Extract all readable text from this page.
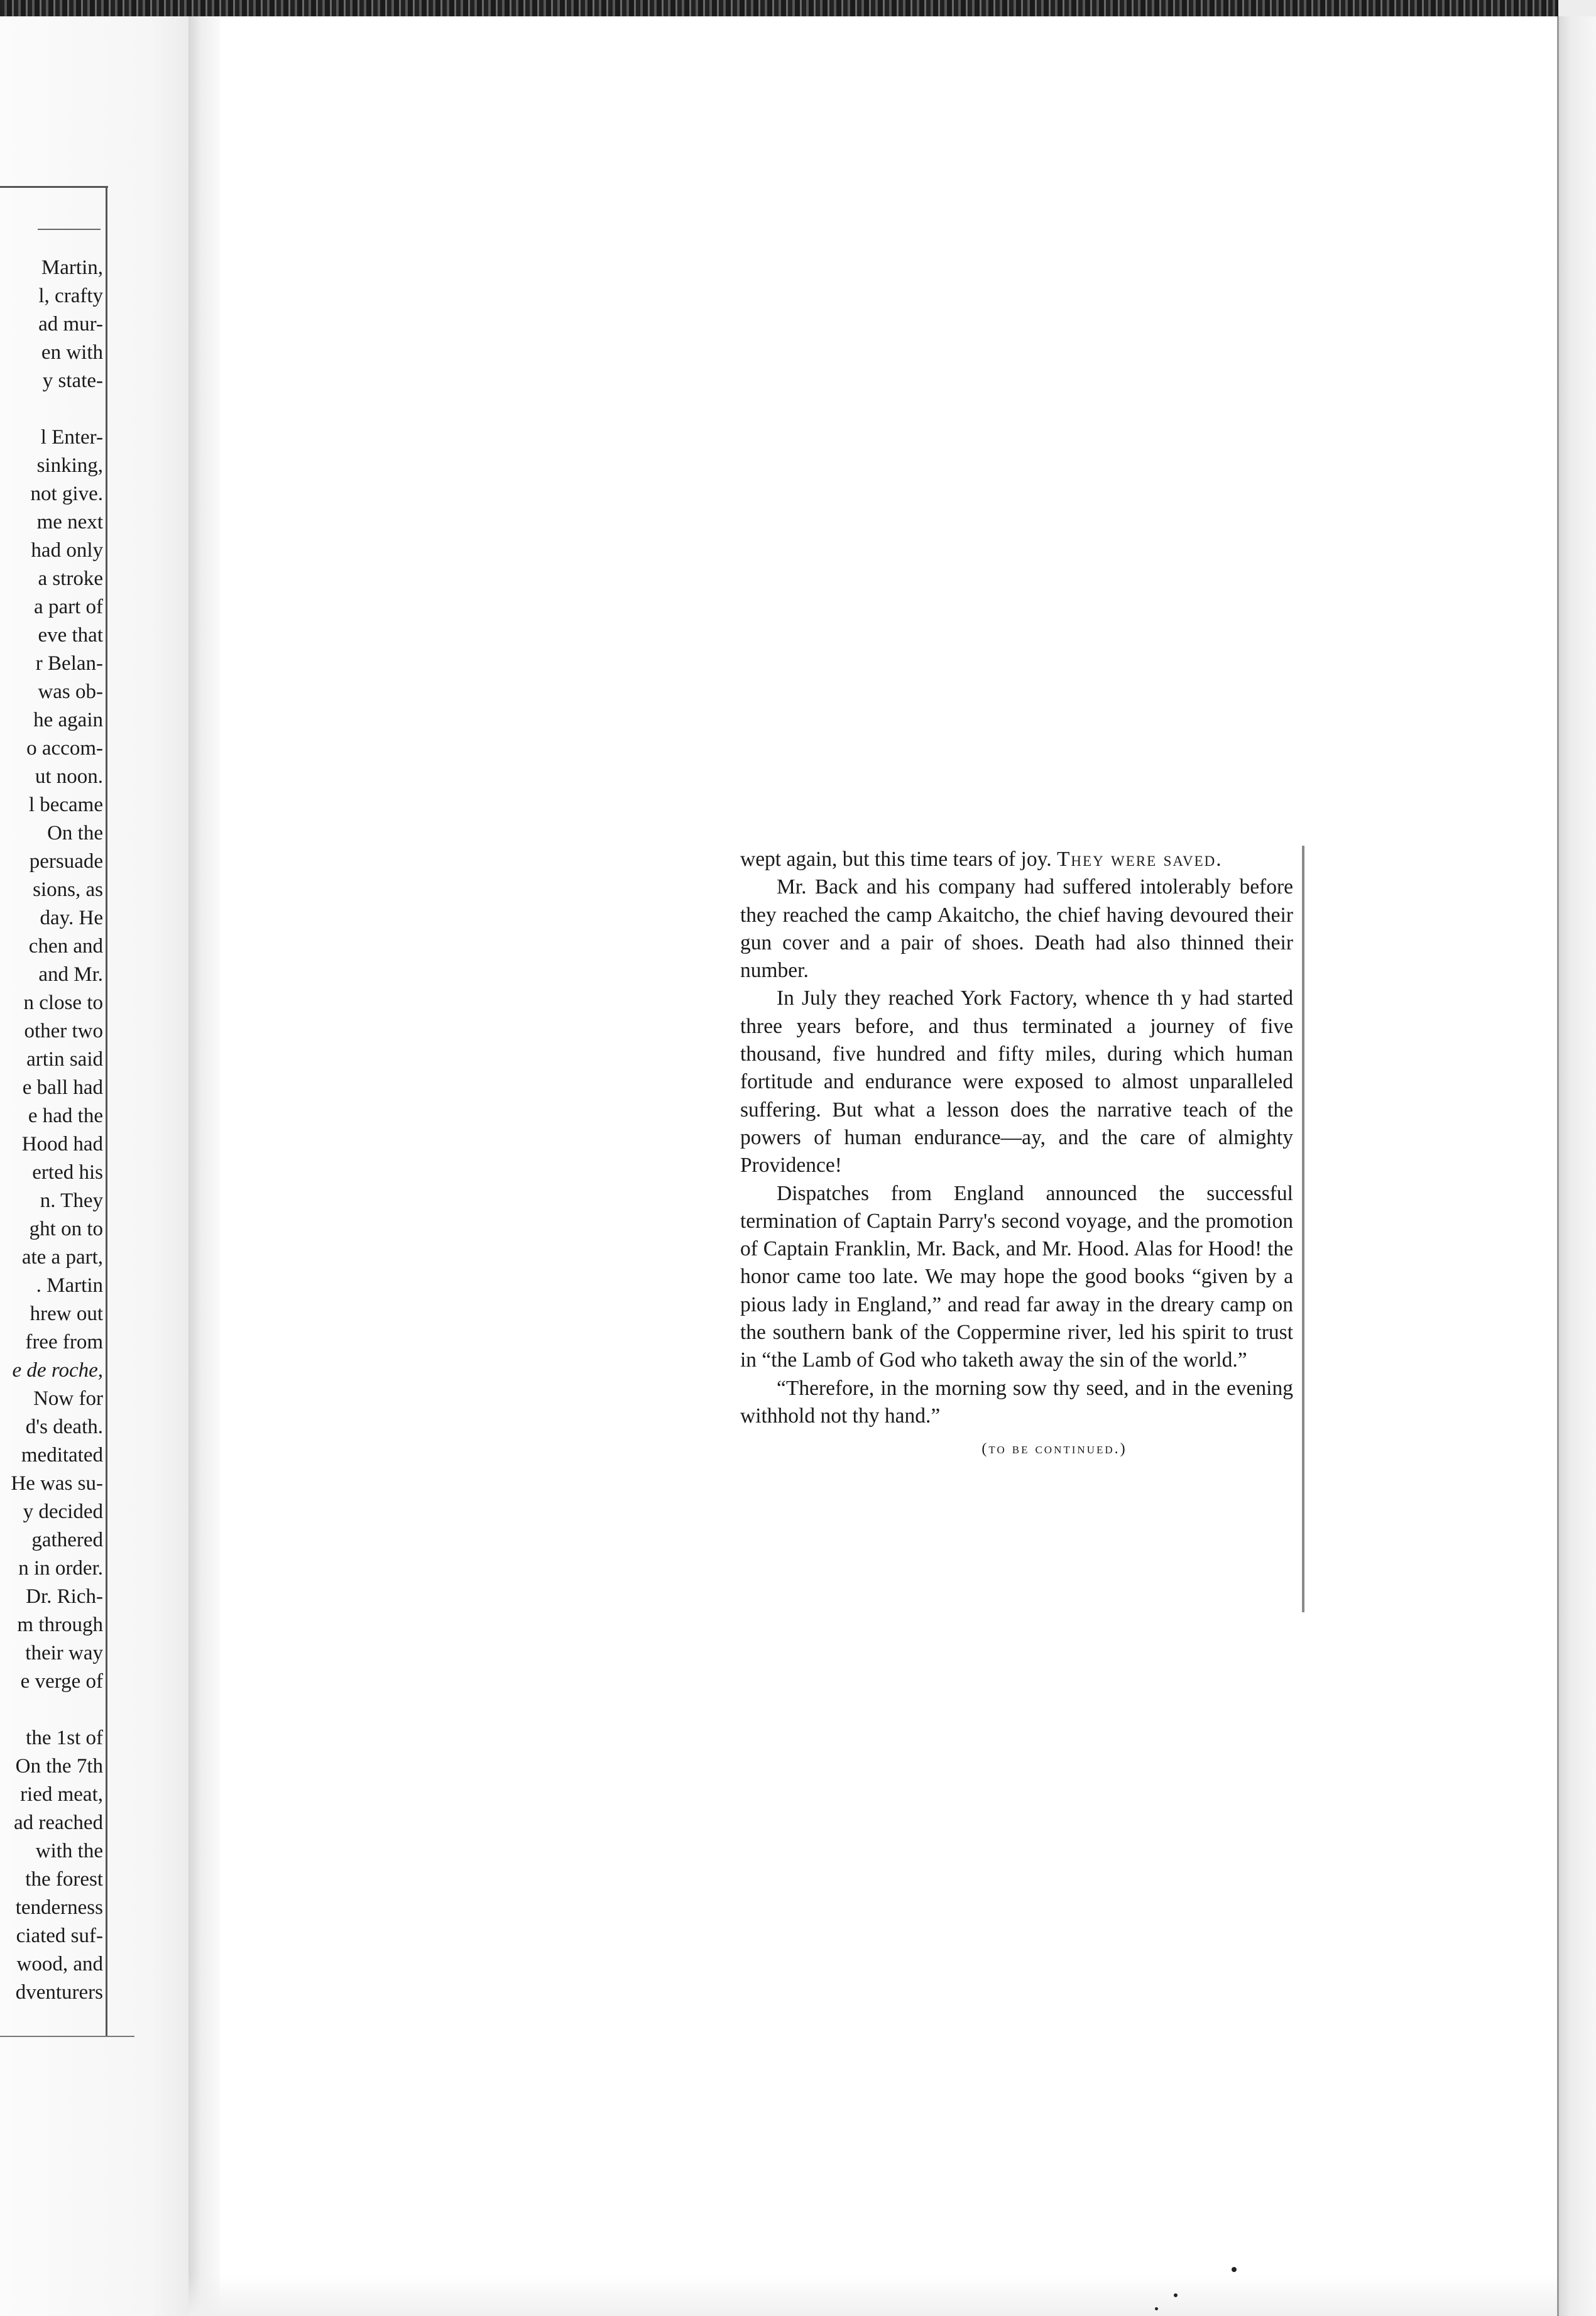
Martin,
l, crafty
ad mur-
en with
y state-
l Enter-
sinking,
not give.
me next
had only
a stroke
a part of
eve that
r Belan-
was ob-
he again
o accom-
ut noon.
l became
On the
persuade
sions, as
day. He
chen and
and Mr.
n close to
other two
artin said
e ball had
e had the
Hood had
erted his
n. They
ght on to
ate a part,
. Martin
hrew out
free from
e de roche,
Now for
d's death.
meditated
He was su-
y decided
gathered
n in order.
Dr. Rich-
m through
their way
e verge of
the 1st of
On the 7th
ried meat,
ad reached
with the
the forest
tenderness
ciated suf-
wood, and
dventurers

wept again, but this time tears of joy. They were saved.

Mr. Back and his company had suffered intolerably before they reached the camp Akaitcho, the chief having devoured their gun cover and a pair of shoes. Death had also thinned their number.

In July they reached York Factory, whence th y had started three years before, and thus terminated a journey of five thousand, five hundred and fifty miles, during which human fortitude and endurance were exposed to almost unparalleled suffering. But what a lesson does the narrative teach of the powers of human endurance—ay, and the care of almighty Providence!

Dispatches from England announced the successful termination of Captain Parry's second voyage, and the promotion of Captain Franklin, Mr. Back, and Mr. Hood. Alas for Hood! the honor came too late. We may hope the good books “given by a pious lady in England,” and read far away in the dreary camp on the southern bank of the Coppermine river, led his spirit to trust in “the Lamb of God who taketh away the sin of the world.”

“Therefore, in the morning sow thy seed, and in the evening withhold not thy hand.”

(to be continued.)
